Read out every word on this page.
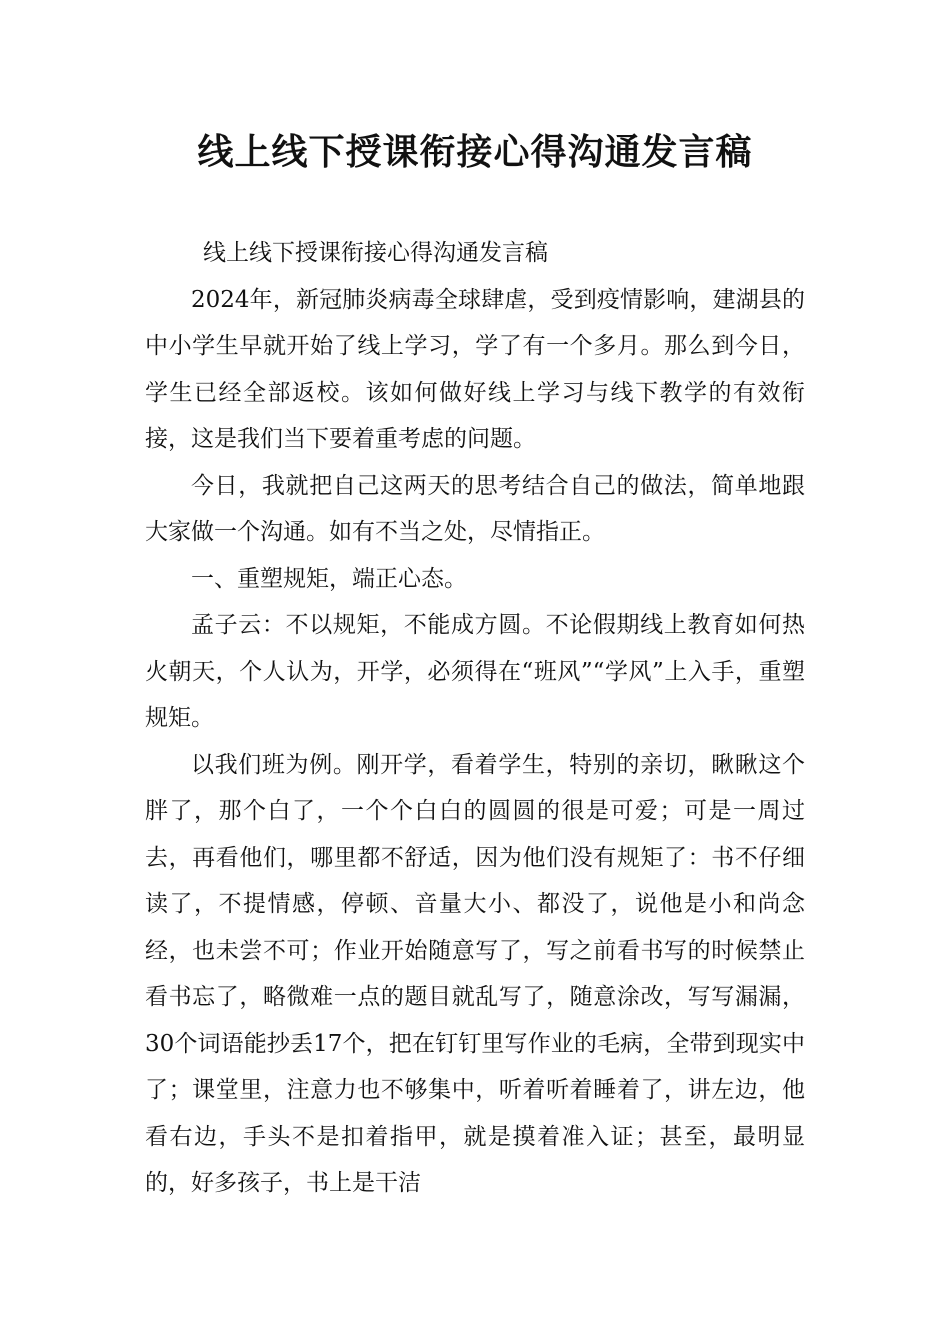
线上线下授课衔接心得沟通发言稿

线上线下授课衔接心得沟通发言稿

2024年，新冠肺炎病毒全球肆虐，受到疫情影响，建湖县的中小学生早就开始了线上学习，学了有一个多月。那么到今日，学生已经全部返校。该如何做好线上学习与线下教学的有效衔接，这是我们当下要着重考虑的问题。

今日，我就把自己这两天的思考结合自己的做法，简单地跟大家做一个沟通。如有不当之处，尽情指正。

一、重塑规矩，端正心态。

孟子云：不以规矩，不能成方圆。不论假期线上教育如何热火朝天，个人认为，开学，必须得在“班风”“学风”上入手，重塑规矩。

以我们班为例。刚开学，看着学生，特别的亲切，瞅瞅这个胖了，那个白了，一个个白白的圆圆的很是可爱；可是一周过去，再看他们，哪里都不舒适，因为他们没有规矩了：书不仔细读了，不提情感，停顿、音量大小、都没了，说他是小和尚念经，也未尝不可；作业开始随意写了，写之前看书写的时候禁止看书忘了，略微难一点的题目就乱写了，随意涂改，写写漏漏，30个词语能抄丢17个，把在钉钉里写作业的毛病，全带到现实中了；课堂里，注意力也不够集中，听着听着睡着了，讲左边，他看右边，手头不是扣着指甲，就是摸着准入证；甚至，最明显的，好多孩子，书上是干洁
